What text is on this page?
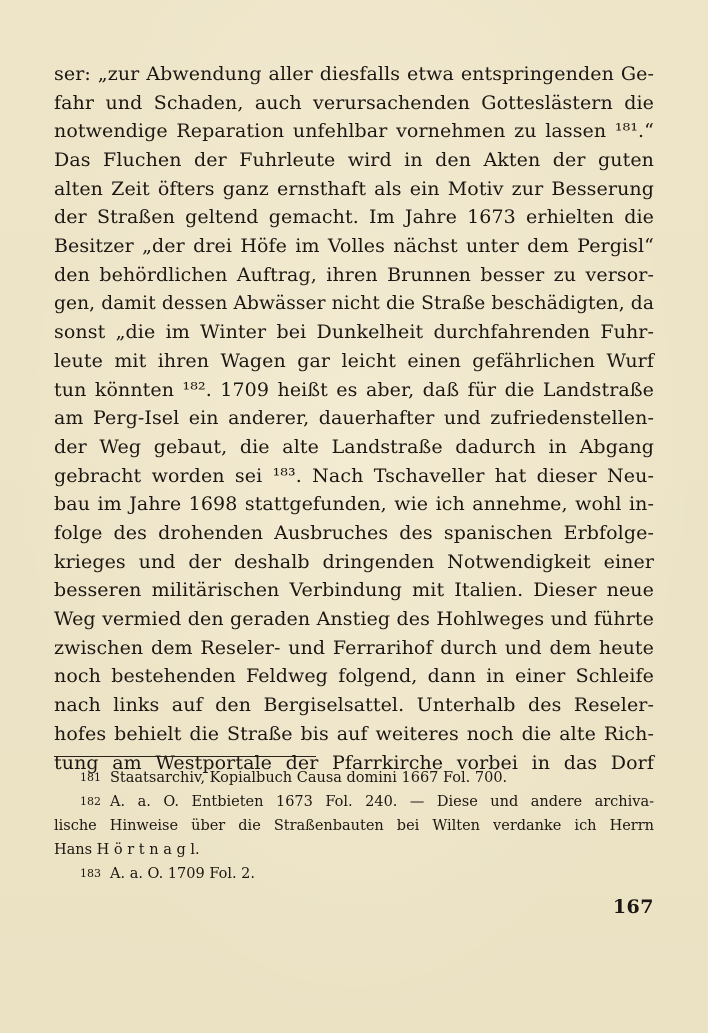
ser: „zur Abwendung aller diesfalls etwa entspringenden Ge-
fahr und Schaden, auch verursachenden Gotteslästern die
notwendige Reparation unfehlbar vornehmen zu lassen ¹⁸¹.“
Das Fluchen der Fuhrleute wird in den Akten der guten
alten Zeit öfters ganz ernsthaft als ein Motiv zur Besserung
der Straßen geltend gemacht. Im Jahre 1673 erhielten die
Besitzer „der drei Höfe im Volles nächst unter dem Pergisl“
den behördlichen Auftrag, ihren Brunnen besser zu versor-
gen, damit dessen Abwässer nicht die Straße beschädigten, da
sonst „die im Winter bei Dunkelheit durchfahrenden Fuhr-
leute mit ihren Wagen gar leicht einen gefährlichen Wurf
tun könnten ¹⁸². 1709 heißt es aber, daß für die Landstraße
am Perg-Isel ein anderer, dauerhafter und zufriedenstellen-
der Weg gebaut, die alte Landstraße dadurch in Abgang
gebracht worden sei ¹⁸³. Nach Tschaveller hat dieser Neu-
bau im Jahre 1698 stattgefunden, wie ich annehme, wohl in-
folge des drohenden Ausbruches des spanischen Erbfolge-
krieges und der deshalb dringenden Notwendigkeit einer
besseren militärischen Verbindung mit Italien. Dieser neue
Weg vermied den geraden Anstieg des Hohlweges und führte
zwischen dem Reseler- und Ferrarihof durch und dem heute
noch bestehenden Feldweg folgend, dann in einer Schleife
nach links auf den Bergiselsattel. Unterhalb des Reseler-
hofes behielt die Straße bis auf weiteres noch die alte Rich-
tung am Westportale der Pfarrkirche vorbei in das Dorf
181 Staatsarchiv, Kopialbuch Causa domini 1667 Fol. 700.
182 A. a. O. Entbieten 1673 Fol. 240. — Diese und andere archiva-
lische Hinweise über die Straßenbauten bei Wilten verdanke ich Herrn
Hans H ö r t n a g l.
183 A. a. O. 1709 Fol. 2.
167
